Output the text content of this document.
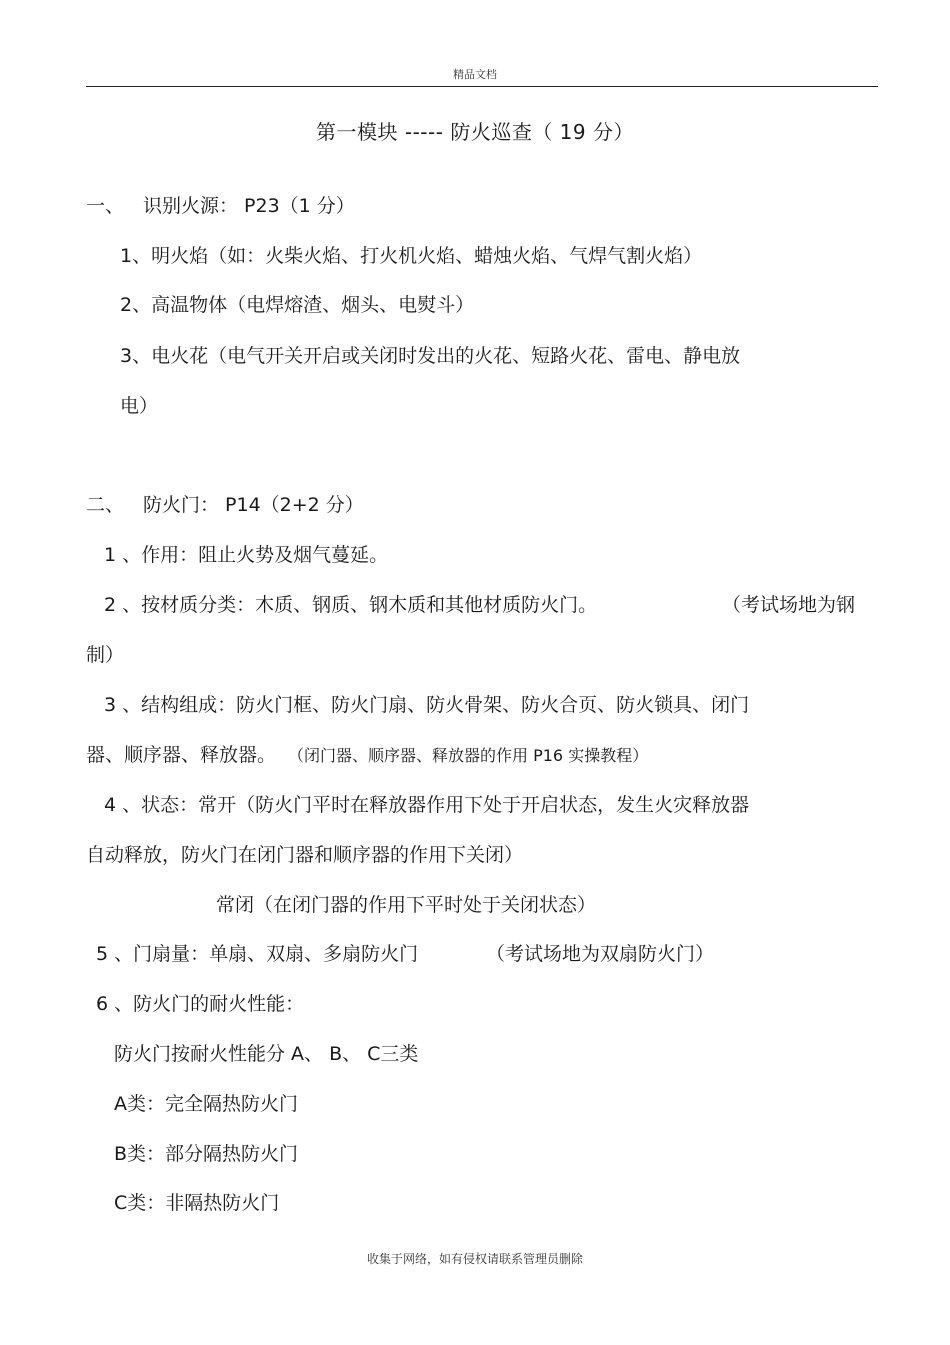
精品文档
第一模块 ----- 防火巡查（ 19 分）
一、 识别火源： P23（1 分）
1、明火焰（如：火柴火焰、打火机火焰、蜡烛火焰、气焊气割火焰）
2、高温物体（电焊熔渣、烟头、电熨斗）
3、电火花（电气开关开启或关闭时发出的火花、短路火花、雷电、静电放
电）
二、 防火门： P14（2+2 分）
1 、作用：阻止火势及烟气蔓延。
2 、按材质分类：木质、钢质、钢木质和其他材质防火门。	（考试场地为钢
制）
3 、结构组成：防火门框、防火门扇、防火骨架、防火合页、防火锁具、闭门
器、顺序器、释放器。 （闭门器、顺序器、释放器的作用 P16 实操教程）
4 、状态：常开（防火门平时在释放器作用下处于开启状态，发生火灾释放器
自动释放，防火门在闭门器和顺序器的作用下关闭）
常闭（在闭门器的作用下平时处于关闭状态）
5 、门扇量：单扇、双扇、多扇防火门	（考试场地为双扇防火门）
6 、防火门的耐火性能：
防火门按耐火性能分 A、 B、 C三类
A类：完全隔热防火门
B类：部分隔热防火门
C类：非隔热防火门
收集于网络，如有侵权请联系管理员删除
